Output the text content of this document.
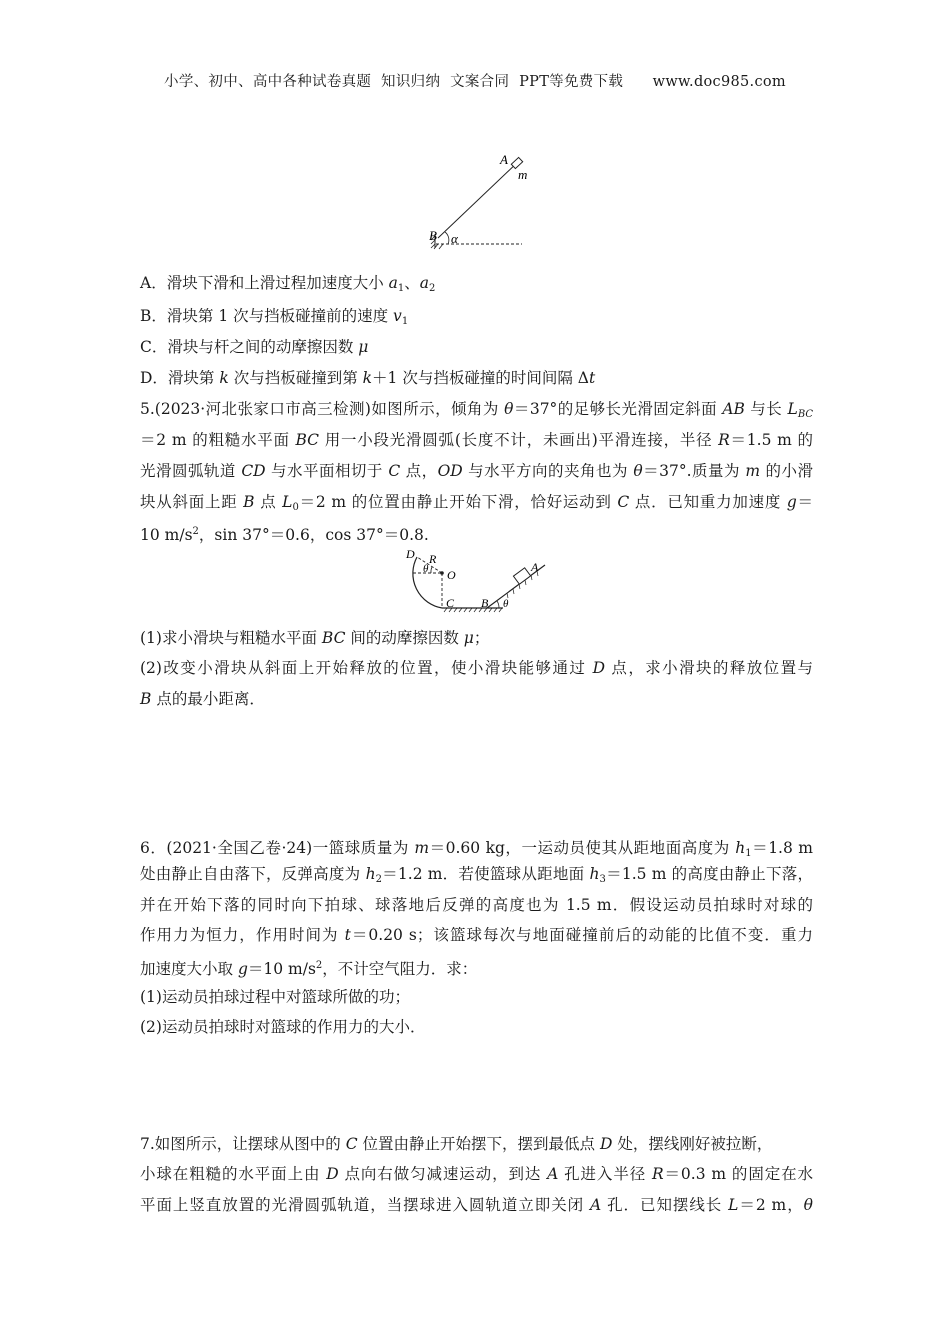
小学、初中、高中各种试卷真题  知识归纳  文案合同  PPT等免费下载      www.doc985.com
A
m
B α
A．滑块下滑和上滑过程加速度大小 $a_1$、$a_2$
B．滑块第 1 次与挡板碰撞前的速度 $v_1$
C．滑块与杆之间的动摩擦因数 μ
D．滑块第 k 次与挡板碰撞到第 k＋1 次与挡板碰撞的时间间隔 Δt
5.(2023·河北张家口市高三检测)如图所示，倾角为 θ＝37°的足够长光滑固定斜面 AB 与长 $L_{BC}$
＝2 m 的粗糙水平面 BC 用一小段光滑圆弧(长度不计，未画出)平滑连接，半径 R＝1.5 m 的
光滑圆弧轨道 CD 与水平面相切于 C 点，OD 与水平方向的夹角也为 θ＝37°.质量为 m 的小滑
块从斜面上距 B 点 $L_0=2$ m 的位置由静止开始下滑，恰好运动到 C 点．已知重力加速度 g＝
10 $m/s^2$，sin 37°＝0.6，cos 37°＝0.8.
D R
θ O
A
C B θ
(1)求小滑块与粗糙水平面 BC 间的动摩擦因数 μ；
(2)改变小滑块从斜面上开始释放的位置，使小滑块能够通过 D 点，求小滑块的释放位置与
B 点的最小距离．
6．(2021·全国乙卷·24)一篮球质量为 m＝0.60 kg，一运动员使其从距地面高度为 $h_1=1.8$ m
处由静止自由落下，反弹高度为 $h_2=1.2$ m．若使篮球从距地面 $h_3=1.5$ m 的高度由静止下落，
并在开始下落的同时向下拍球、球落地后反弹的高度也为 1.5 m．假设运动员拍球时对球的
作用力为恒力，作用时间为 t＝0.20 s；该篮球每次与地面碰撞前后的动能的比值不变．重力
加速度大小取 g＝10 $m/s^2$，不计空气阻力．求：
(1)运动员拍球过程中对篮球所做的功；
(2)运动员拍球时对篮球的作用力的大小．
7.如图所示，让摆球从图中的 C 位置由静止开始摆下，摆到最低点 D 处，摆线刚好被拉断，
小球在粗糙的水平面上由 D 点向右做匀减速运动，到达 A 孔进入半径 R＝0.3 m 的固定在水
平面上竖直放置的光滑圆弧轨道，当摆球进入圆轨道立即关闭 A 孔．已知摆线长 L＝2 m，θ
